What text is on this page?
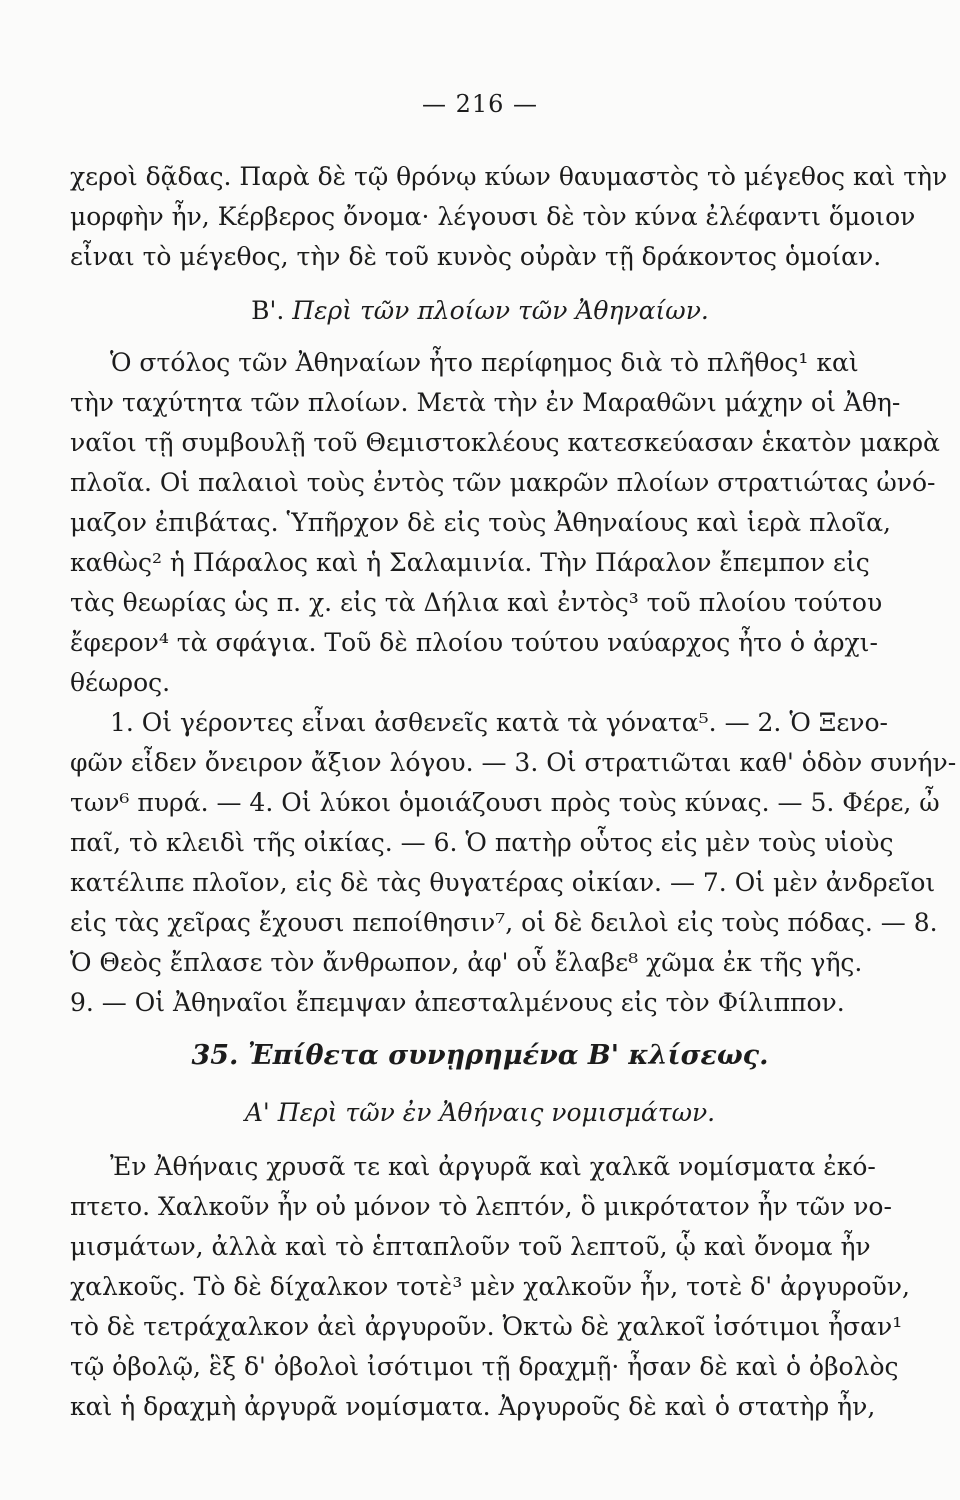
— 216 —
χεροὶ δᾷδας. Παρὰ δὲ τῷ θρόνῳ κύων θαυμαστὸς τὸ μέγεθος καὶ τὴν
μορφὴν ἦν, Κέρβερος ὄνομα· λέγουσι δὲ τὸν κύνα ἐλέφαντι ὅμοιον
εἶναι τὸ μέγεθος, τὴν δὲ τοῦ κυνὸς οὐρὰν τῇ δράκοντος ὁμοίαν.
Β'. Περὶ τῶν πλοίων τῶν Ἀθηναίων.
Ὁ στόλος τῶν Ἀθηναίων ἦτο περίφημος διὰ τὸ πλῆθος¹ καὶ
τὴν ταχύτητα τῶν πλοίων. Μετὰ τὴν ἐν Μαραθῶνι μάχην οἱ Ἀθη-
ναῖοι τῇ συμβουλῇ τοῦ Θεμιστοκλέους κατεσκεύασαν ἑκατὸν μακρὰ
πλοῖα. Οἱ παλαιοὶ τοὺς ἐντὸς τῶν μακρῶν πλοίων στρατιώτας ὠνό-
μαζον ἐπιβάτας. Ὑπῆρχον δὲ εἰς τοὺς Ἀθηναίους καὶ ἱερὰ πλοῖα,
καθὼς² ἡ Πάραλος καὶ ἡ Σαλαμινία. Τὴν Πάραλον ἔπεμπον εἰς
τὰς θεωρίας ὡς π. χ. εἰς τὰ Δήλια καὶ ἐντὸς³ τοῦ πλοίου τούτου
ἔφερον⁴ τὰ σφάγια. Τοῦ δὲ πλοίου τούτου ναύαρχος ἦτο ὁ ἀρχι-
θέωρος.
1. Οἱ γέροντες εἶναι ἀσθενεῖς κατὰ τὰ γόνατα⁵. — 2. Ὁ Ξενο-
φῶν εἶδεν ὄνειρον ἄξιον λόγου. — 3. Οἱ στρατιῶται καθ' ὁδὸν συνήν-
των⁶ πυρά. — 4. Οἱ λύκοι ὁμοιάζουσι πρὸς τοὺς κύνας. — 5. Φέρε, ὦ
παῖ, τὸ κλειδὶ τῆς οἰκίας. — 6. Ὁ πατὴρ οὗτος εἰς μὲν τοὺς υἱοὺς
κατέλιπε πλοῖον, εἰς δὲ τὰς θυγατέρας οἰκίαν. — 7. Οἱ μὲν ἀνδρεῖοι
εἰς τὰς χεῖρας ἔχουσι πεποίθησιν⁷, οἱ δὲ δειλοὶ εἰς τοὺς πόδας. — 8.
Ὁ Θεὸς ἔπλασε τὸν ἄνθρωπον, ἀφ' οὗ ἔλαβε⁸ χῶμα ἐκ τῆς γῆς.
9. — Οἱ Ἀθηναῖοι ἔπεμψαν ἀπεσταλμένους εἰς τὸν Φίλιππον.
35. Ἐπίθετα συνῃρημένα Β' κλίσεως.
Α' Περὶ τῶν ἐν Ἀθήναις νομισμάτων.
Ἐν Ἀθήναις χρυσᾶ τε καὶ ἀργυρᾶ καὶ χαλκᾶ νομίσματα ἐκό-
πτετο. Χαλκοῦν ἦν οὐ μόνον τὸ λεπτόν, ὃ μικρότατον ἦν τῶν νο-
μισμάτων, ἀλλὰ καὶ τὸ ἑπταπλοῦν τοῦ λεπτοῦ, ᾧ καὶ ὄνομα ἦν
χαλκοῦς. Τὸ δὲ δίχαλκον τοτὲ³ μὲν χαλκοῦν ἦν, τοτὲ δ' ἀργυροῦν,
τὸ δὲ τετράχαλκον ἀεὶ ἀργυροῦν. Ὀκτὼ δὲ χαλκοῖ ἰσότιμοι ἦσαν¹
τῷ ὀβολῷ, ἓξ δ' ὀβολοὶ ἰσότιμοι τῇ δραχμῇ· ἦσαν δὲ καὶ ὁ ὀβολὸς
καὶ ἡ δραχμὴ ἀργυρᾶ νομίσματα. Ἀργυροῦς δὲ καὶ ὁ στατὴρ ἦν,
